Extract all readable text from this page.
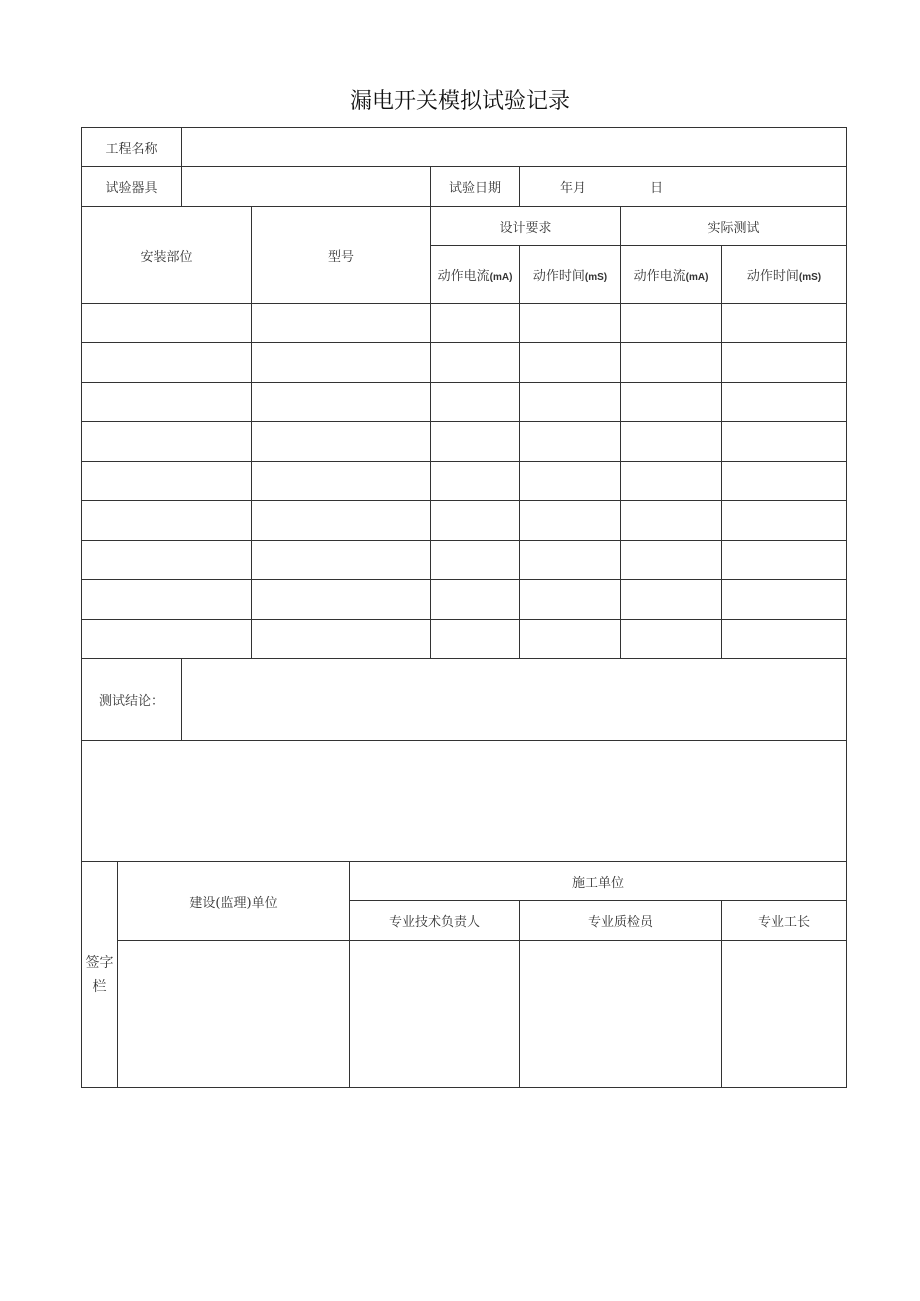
漏电开关模拟试验记录
工程名称								
试验器具					试验日期	年月 日		
安装部位			型号		设计要求		实际测试	
					动作电流(mA)	动作时间(mS)	动作电流(mA)	动作时间(mS)

测试结论：								

签字栏	建设(监理)单位			施工单位				
				专业技术负责人		专业质检员		专业工长
